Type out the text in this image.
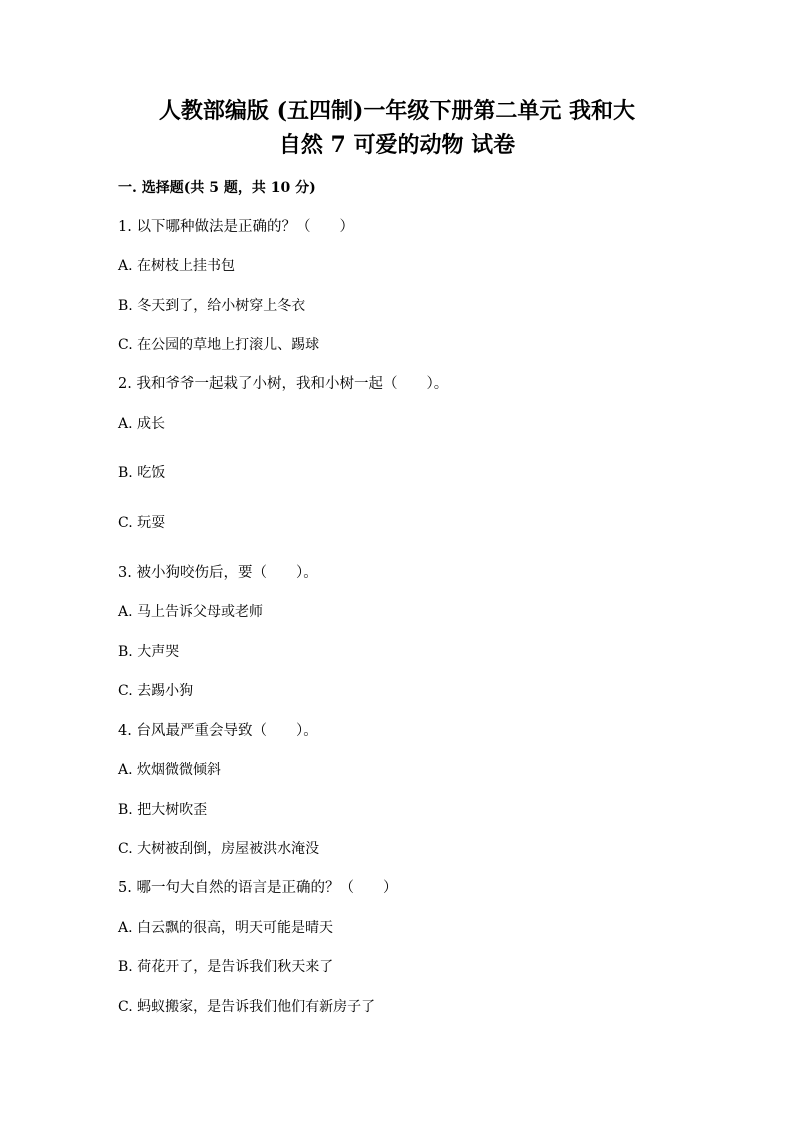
人教部编版 (五四制)一年级下册第二单元 我和大
自然 7 可爱的动物 试卷
一. 选择题(共 5 题，共 10 分)
1. 以下哪种做法是正确的？（　　）
A. 在树枝上挂书包
B. 冬天到了，给小树穿上冬衣
C. 在公园的草地上打滚儿、踢球
2. 我和爷爷一起栽了小树，我和小树一起（　　）。
A. 成长
B. 吃饭
C. 玩耍
3. 被小狗咬伤后，要（　　）。
A. 马上告诉父母或老师
B. 大声哭
C. 去踢小狗
4. 台风最严重会导致（　　）。
A. 炊烟微微倾斜
B. 把大树吹歪
C. 大树被刮倒，房屋被洪水淹没
5. 哪一句大自然的语言是正确的？（　　）
A. 白云飘的很高，明天可能是晴天
B. 荷花开了，是告诉我们秋天来了
C. 蚂蚁搬家，是告诉我们他们有新房子了
